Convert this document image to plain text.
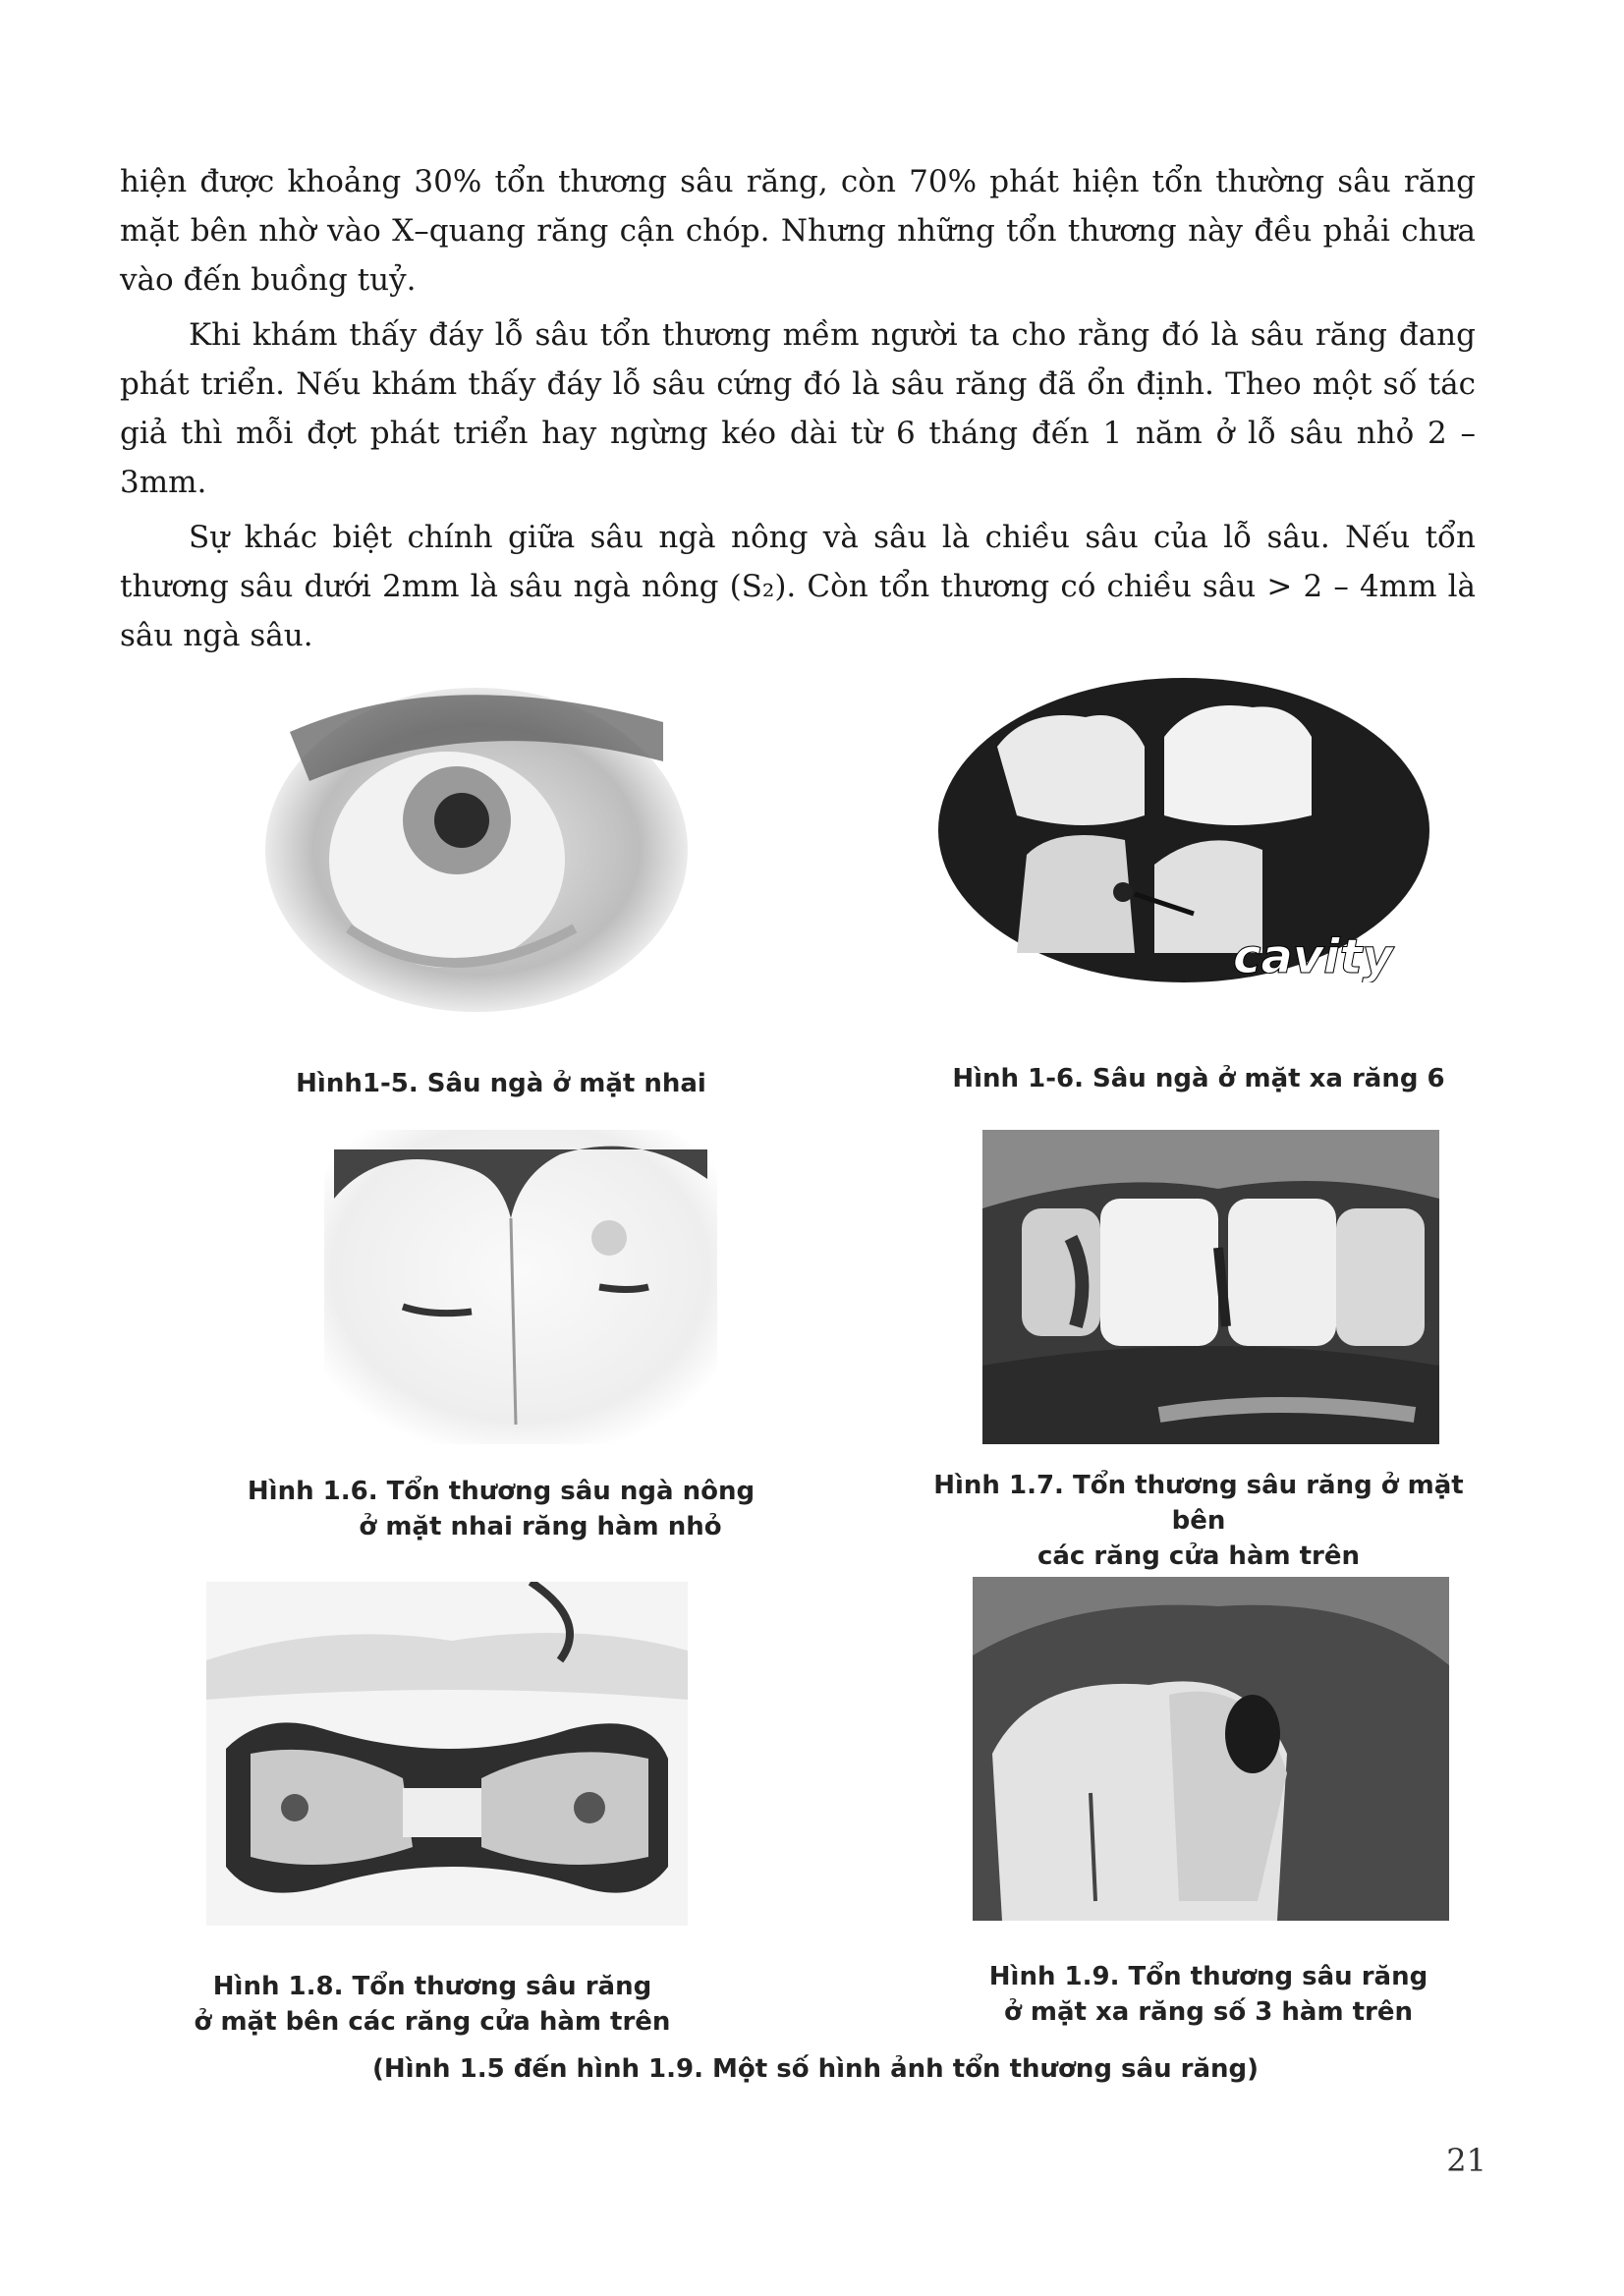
hiện được khoảng 30% tổn thương sâu răng, còn 70% phát hiện tổn thường sâu răng mặt bên nhờ vào X–quang răng cận chóp. Nhưng những tổn thương này đều phải chưa vào đến buồng tuỷ.

Khi khám thấy đáy lỗ sâu tổn thương mềm người ta cho rằng đó là sâu răng đang phát triển. Nếu khám thấy đáy lỗ sâu cứng đó là sâu răng đã ổn định. Theo một số tác giả thì mỗi đợt phát triển hay ngừng kéo dài từ 6 tháng đến 1 năm ở lỗ sâu nhỏ 2 – 3mm.

Sự khác biệt chính giữa sâu ngà nông và sâu là chiều sâu của lỗ sâu. Nếu tổn thương sâu dưới 2mm là sâu ngà nông (S₂). Còn tổn thương có chiều sâu > 2 – 4mm là sâu ngà sâu.

Hình1-5. Sâu ngà ở mặt nhai
cavity
Hình 1-6. Sâu ngà ở mặt xa răng 6
Hình 1.6. Tổn thương sâu ngà nông
ở mặt nhai răng hàm nhỏ
Hình 1.7. Tổn thương sâu răng ở mặt bên
các răng cửa hàm trên
Hình 1.8. Tổn thương sâu răng
ở mặt bên các răng cửa hàm trên
Hình 1.9. Tổn thương sâu răng
ở mặt xa răng số 3 hàm trên
(Hình 1.5 đến hình 1.9. Một số hình ảnh tổn thương sâu răng)
21
